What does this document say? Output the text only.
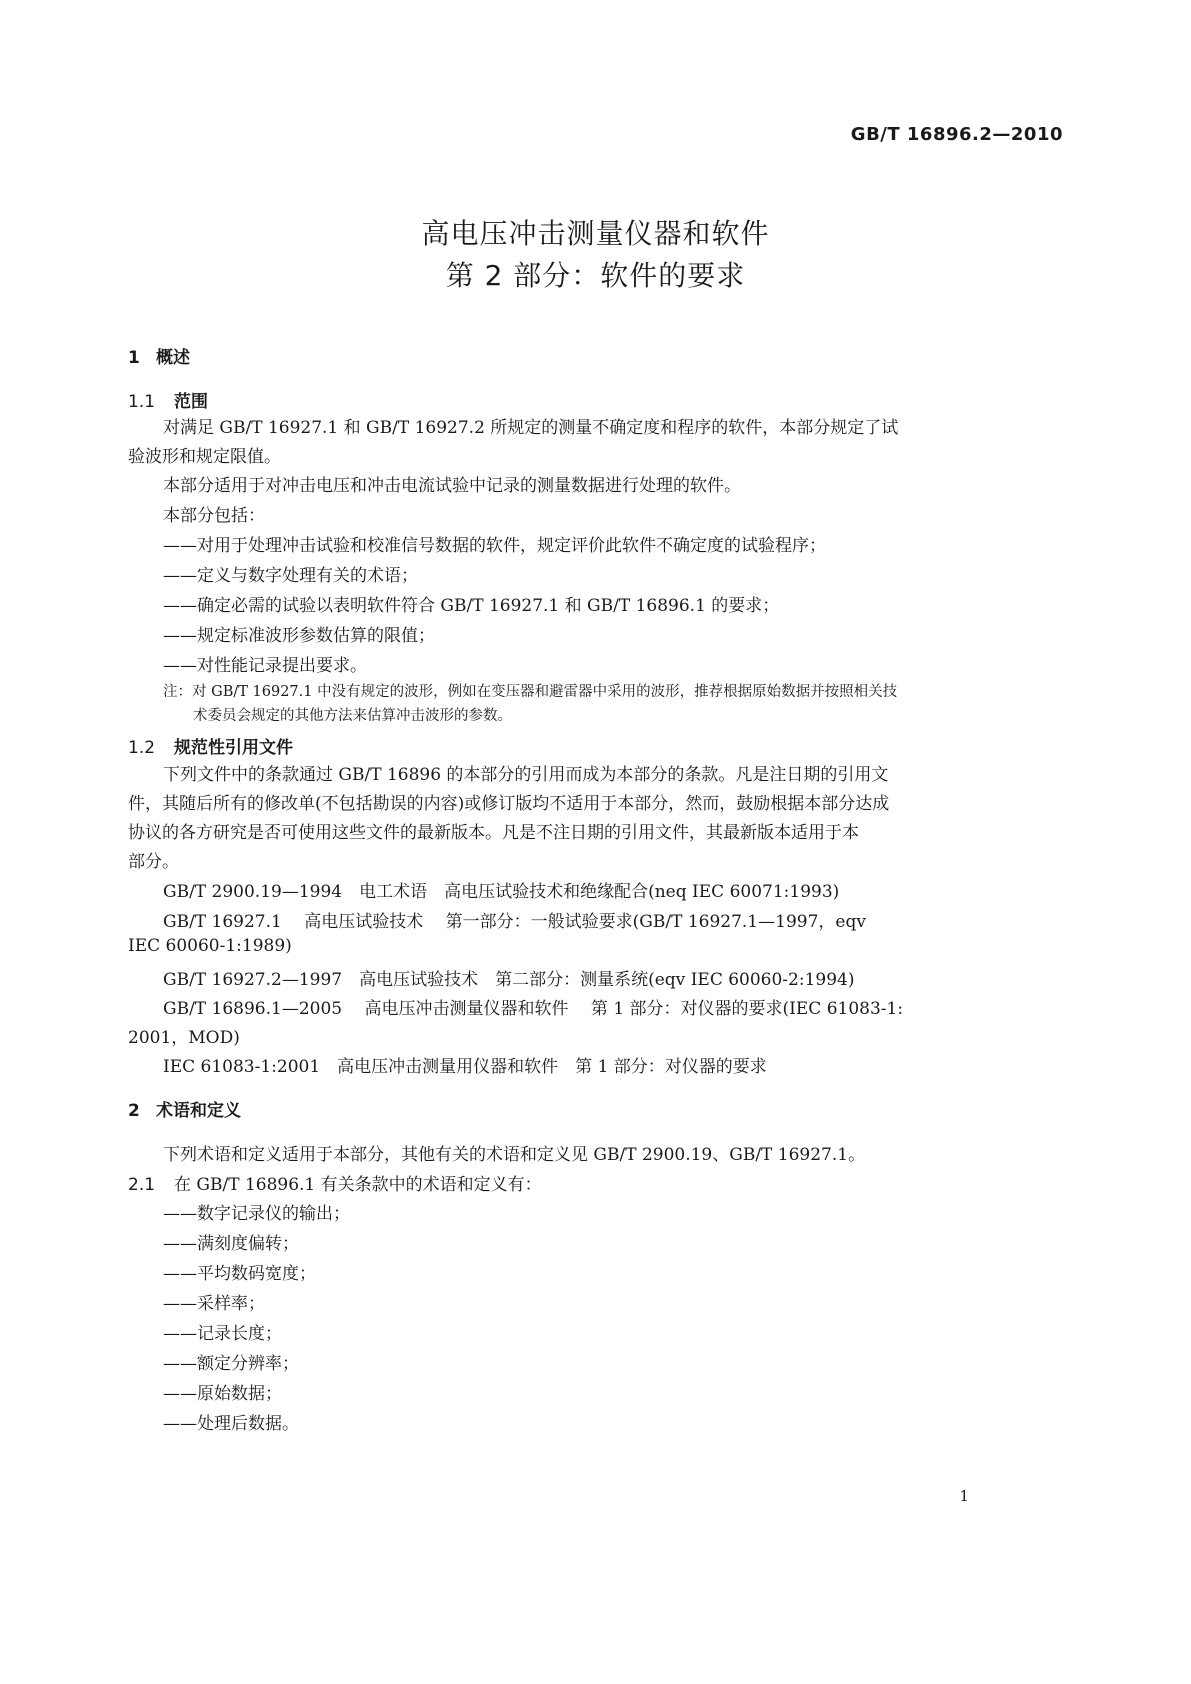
GB/T 16896.2—2010
高电压冲击测量仪器和软件
第 2 部分：软件的要求
1 概述
1.1 范围
对满足 GB/T 16927.1 和 GB/T 16927.2 所规定的测量不确定度和程序的软件，本部分规定了试
验波形和规定限值。
本部分适用于对冲击电压和冲击电流试验中记录的测量数据进行处理的软件。
本部分包括：
——对用于处理冲击试验和校准信号数据的软件，规定评价此软件不确定度的试验程序；
——定义与数字处理有关的术语；
——确定必需的试验以表明软件符合 GB/T 16927.1 和 GB/T 16896.1 的要求；
——规定标准波形参数估算的限值；
——对性能记录提出要求。
注：对 GB/T 16927.1 中没有规定的波形，例如在变压器和避雷器中采用的波形，推荐根据原始数据并按照相关技
术委员会规定的其他方法来估算冲击波形的参数。
1.2 规范性引用文件
下列文件中的条款通过 GB/T 16896 的本部分的引用而成为本部分的条款。凡是注日期的引用文
件，其随后所有的修改单(不包括勘误的内容)或修订版均不适用于本部分，然而，鼓励根据本部分达成
协议的各方研究是否可使用这些文件的最新版本。凡是不注日期的引用文件，其最新版本适用于本
部分。
GB/T 2900.19—1994　电工术语　高电压试验技术和绝缘配合(neq IEC 60071:1993)
GB/T 16927.1　 高电压试验技术　 第一部分：一般试验要求(GB/T 16927.1—1997，eqv
IEC 60060-1:1989)
GB/T 16927.2—1997　高电压试验技术　第二部分：测量系统(eqv IEC 60060-2:1994)
GB/T 16896.1—2005　 高电压冲击测量仪器和软件　 第 1 部分：对仪器的要求(IEC 61083-1:
2001，MOD)
IEC 61083-1:2001　高电压冲击测量用仪器和软件　第 1 部分：对仪器的要求
2 术语和定义
下列术语和定义适用于本部分，其他有关的术语和定义见 GB/T 2900.19、GB/T 16927.1。
2.1 在 GB/T 16896.1 有关条款中的术语和定义有：
——数字记录仪的输出；
——满刻度偏转；
——平均数码宽度；
——采样率；
——记录长度；
——额定分辨率；
——原始数据；
——处理后数据。
1
